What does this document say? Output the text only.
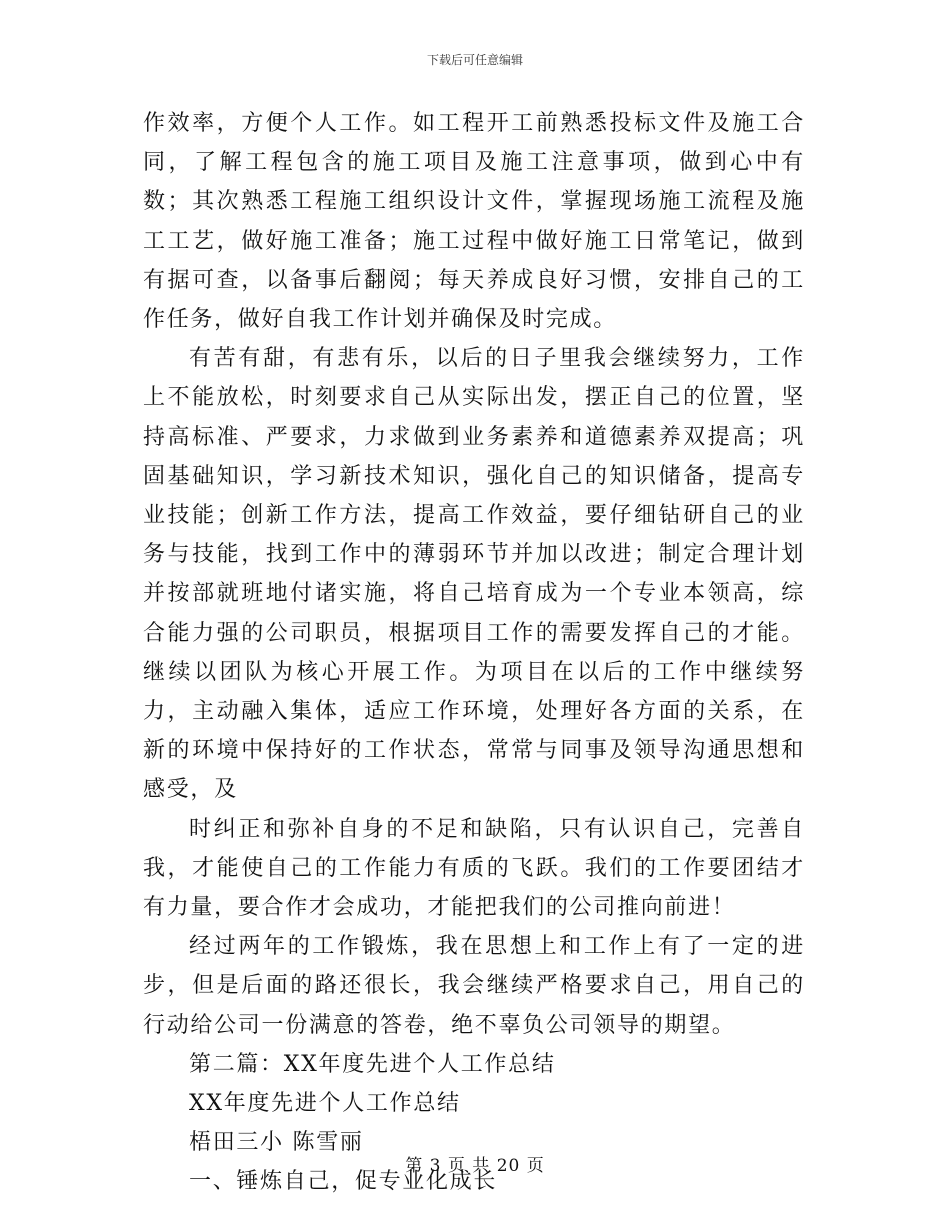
下载后可任意编辑

作效率，方便个人工作。如工程开工前熟悉投标文件及施工合同，了解工程包含的施工项目及施工注意事项，做到心中有数；其次熟悉工程施工组织设计文件，掌握现场施工流程及施工工艺，做好施工准备；施工过程中做好施工日常笔记，做到有据可查，以备事后翻阅；每天养成良好习惯，安排自己的工作任务，做好自我工作计划并确保及时完成。

有苦有甜，有悲有乐，以后的日子里我会继续努力，工作上不能放松，时刻要求自己从实际出发，摆正自己的位置，坚持高标准、严要求，力求做到业务素养和道德素养双提高；巩固基础知识，学习新技术知识，强化自己的知识储备，提高专业技能；创新工作方法，提高工作效益，要仔细钻研自己的业务与技能，找到工作中的薄弱环节并加以改进；制定合理计划并按部就班地付诸实施，将自己培育成为一个专业本领高，综合能力强的公司职员，根据项目工作的需要发挥自己的才能。继续以团队为核心开展工作。为项目在以后的工作中继续努力，主动融入集体，适应工作环境，处理好各方面的关系，在新的环境中保持好的工作状态，常常与同事及领导沟通思想和感受，及

时纠正和弥补自身的不足和缺陷，只有认识自己，完善自我，才能使自己的工作能力有质的飞跃。我们的工作要团结才有力量，要合作才会成功，才能把我们的公司推向前进！

经过两年的工作锻炼，我在思想上和工作上有了一定的进步，但是后面的路还很长，我会继续严格要求自己，用自己的行动给公司一份满意的答卷，绝不辜负公司领导的期望。

第二篇：XX年度先进个人工作总结

XX年度先进个人工作总结

梧田三小 陈雪丽

一、锤炼自己，促专业化成长

第 3 页 共 20 页
